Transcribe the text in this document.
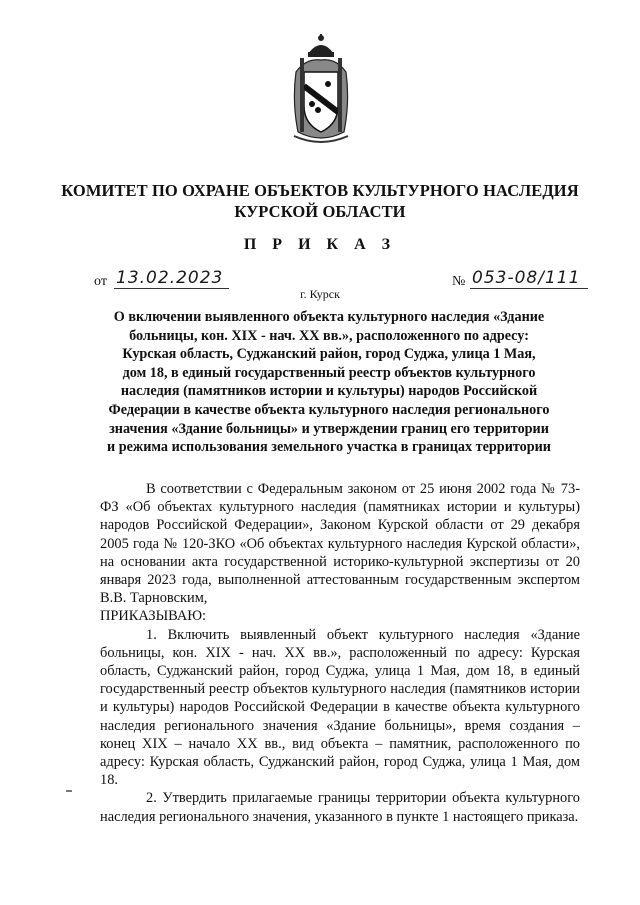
КОМИТЕТ ПО ОХРАНЕ ОБЪЕКТОВ КУЛЬТУРНОГО НАСЛЕДИЯ
КУРСКОЙ ОБЛАСТИ
П Р И К А З
от 13.02.2023	№ 053-08/111
г. Курск
О включении выявленного объекта культурного наследия «Здание
больницы, кон. XIX - нач. XX вв.», расположенного по адресу:
Курская область, Суджанский район, город Суджа, улица 1 Мая,
дом 18, в единый государственный реестр объектов культурного
наследия (памятников истории и культуры) народов Российской
Федерации в качестве объекта культурного наследия регионального
значения «Здание больницы» и утверждении границ его территории
и режима использования земельного участка в границах территории
В соответствии с Федеральным законом от 25 июня 2002 года № 73-ФЗ «Об объектах культурного наследия (памятниках истории и культуры) народов Российской Федерации», Законом Курской области от 29 декабря 2005 года № 120-ЗКО «Об объектах культурного наследия Курской области», на основании акта государственной историко-культурной экспертизы от 20 января 2023 года, выполненной аттестованным государственным экспертом В.В. Тарновским,
ПРИКАЗЫВАЮ:
1. Включить выявленный объект культурного наследия «Здание больницы, кон. XIX - нач. XX вв.», расположенный по адресу: Курская область, Суджанский район, город Суджа, улица 1 Мая, дом 18, в единый государственный реестр объектов культурного наследия (памятников истории и культуры) народов Российской Федерации в качестве объекта культурного наследия регионального значения «Здание больницы», время создания – конец XIX – начало XX вв., вид объекта – памятник, расположенного по адресу: Курская область, Суджанский район, город Суджа, улица 1 Мая, дом 18.
2. Утвердить прилагаемые границы территории объекта культурного наследия регионального значения, указанного в пункте 1 настоящего приказа.
